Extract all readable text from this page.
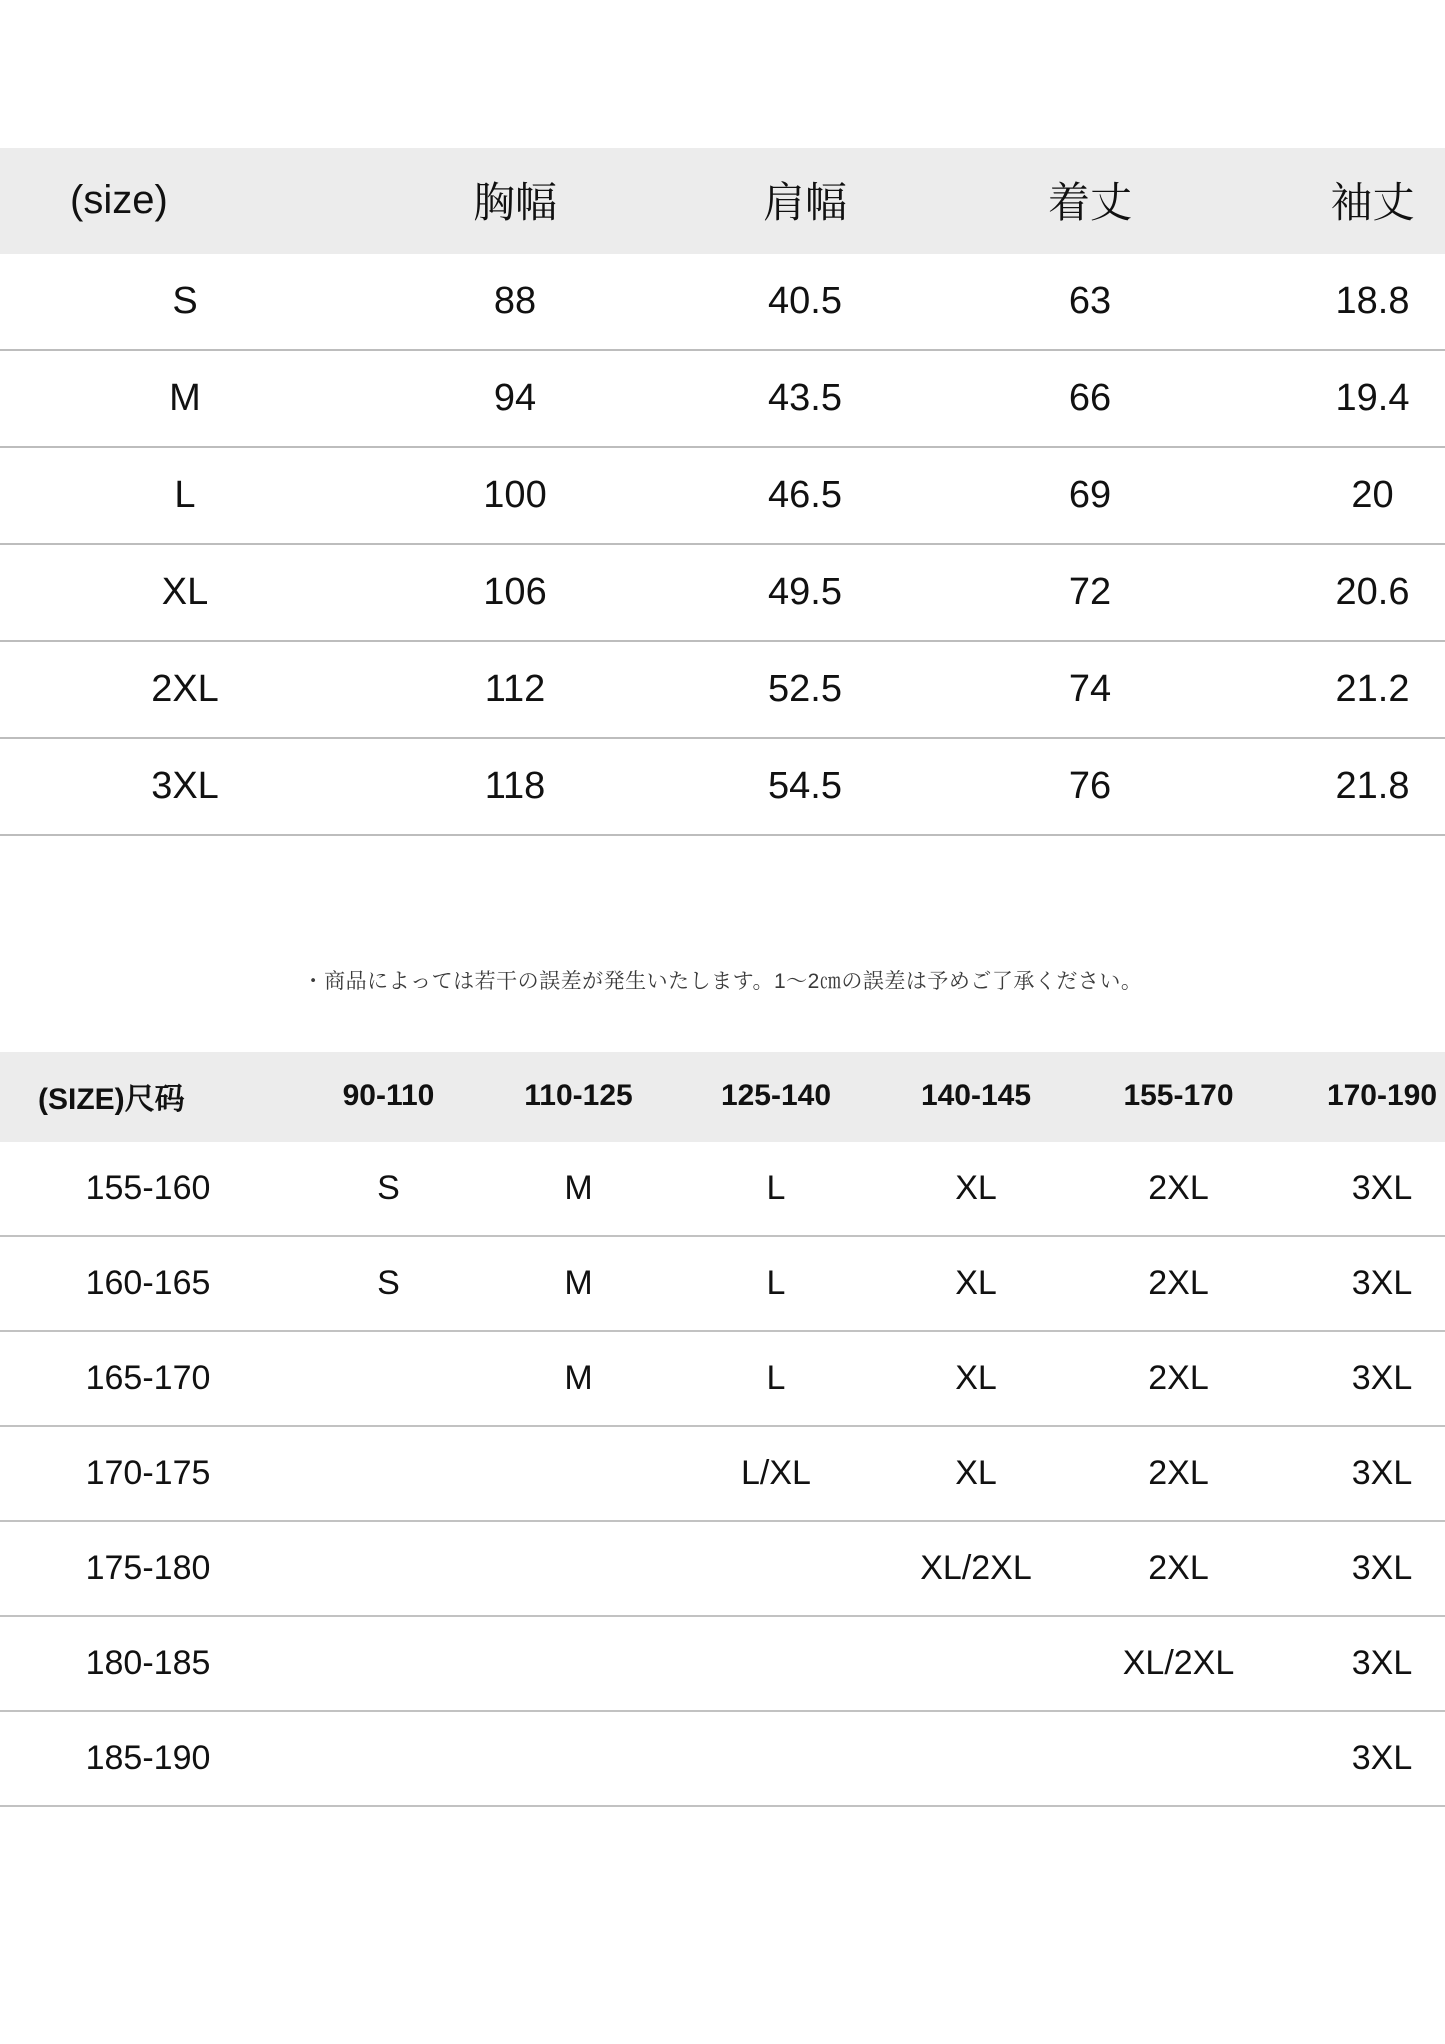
(size)	胸幅	肩幅	着丈	袖丈
S	88	40.5	63	18.8
M	94	43.5	66	19.4
L	100	46.5	69	20
XL	106	49.5	72	20.6
2XL	112	52.5	74	21.2
3XL	118	54.5	76	21.8
・商品によっては若干の誤差が発生いたします。1～2㎝の誤差は予めご了承ください。
(SIZE)尺码	90-110	110-125	125-140	140-145	155-170	170-190
155-160	S	M	L	XL	2XL	3XL
160-165	S	M	L	XL	2XL	3XL
165-170		M	L	XL	2XL	3XL
170-175			L/XL	XL	2XL	3XL
175-180				XL/2XL	2XL	3XL
180-185					XL/2XL	3XL
185-190						3XL
